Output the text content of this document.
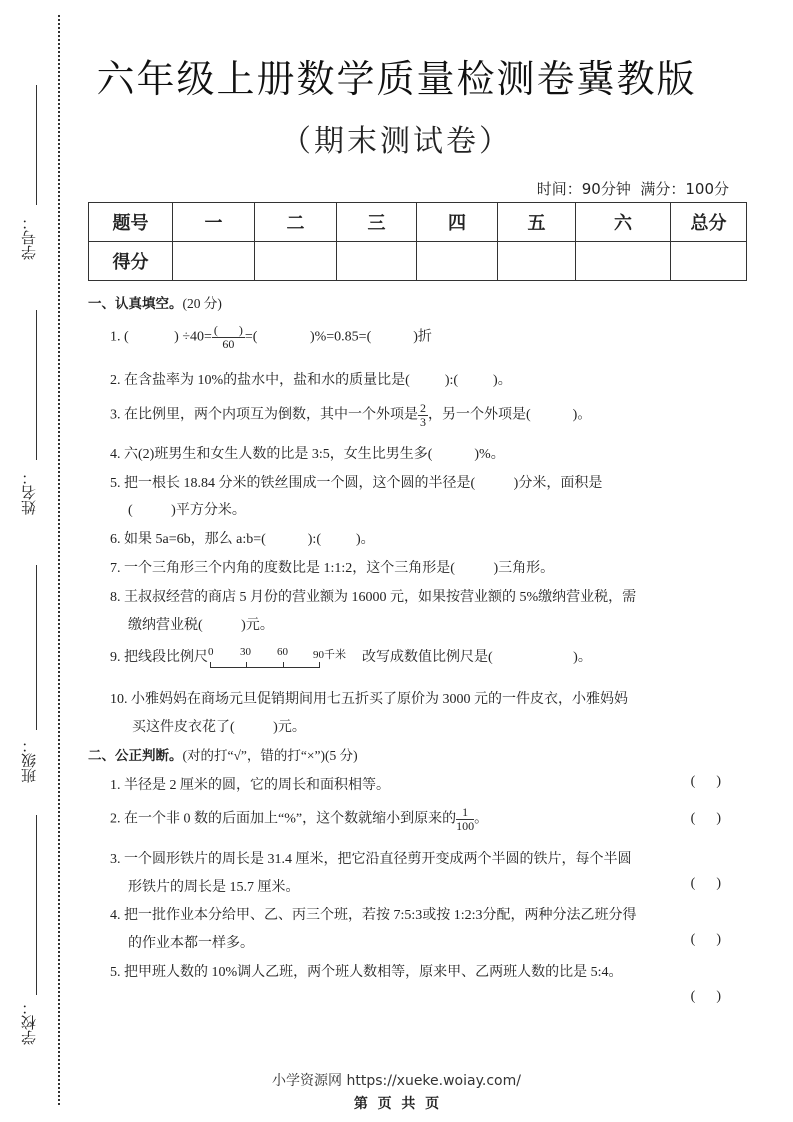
学号：
姓名：
班级：
学校：
六年级上册数学质量检测卷冀教版
（期末测试卷）
时间：90分钟  满分：100分
题号	一	二	三	四	五	六	总分
得分							
一、认真填空。(20 分)
1. (             ) $\div 40= \frac{( )}{60}$ =(               )%=0.85=(            )折
2. 在含盐率为 10%的盐水中，盐和水的质量比是(          ):(          )。
3. 在比例里，两个内项互为倒数，其中一个外项是 $\frac{2}{3}$ ，另一个外项是(            )。
4. 六(2)班男生和女生人数的比是 3:5，女生比男生多(            )%。
5. 把一根长 18.84 分米的铁丝围成一个圆，这个圆的半径是(           )分米，面积是
(           )平方分米。
6. 如果 5a=6b，那么 a:b=(            ):(          )。
7. 一个三角形三个内角的度数比是 1:1:2，这个三角形是(           )三角形。
8. 王叔叔经营的商店 5 月份的营业额为 16000 元，如果按营业额的 5%缴纳营业税，需
缴纳营业税(           )元。
9. 把线段比例尺 0 30 60 90千米 改写成数值比例尺是(                       )。
10. 小雅妈妈在商场元旦促销期间用七五折买了原价为 3000 元的一件皮衣，小雅妈妈
买这件皮衣花了(           )元。
二、公正判断。(对的打“√”，错的打“×”)(5 分)
1. 半径是 2 厘米的圆，它的周长和面积相等。	(      )
2. 在一个非 0 数的后面加上“%”，这个数就缩小到原来的 $\frac{1}{100}$ 。	(      )
3. 一个圆形铁片的周长是 31.4 厘米，把它沿直径剪开变成两个半圆的铁片，每个半圆
形铁片的周长是 15.7 厘米。	(      )
4. 把一批作业本分给甲、乙、丙三个班，若按 7:5:3或按 1:2:3分配，两种分法乙班分得
的作业本都一样多。	(      )
5. 把甲班人数的 10%调人乙班，两个班人数相等，原来甲、乙两班人数的比是 5:4。
(      )
小学资源网 https://xueke.woiay.com/
第  页  共  页
